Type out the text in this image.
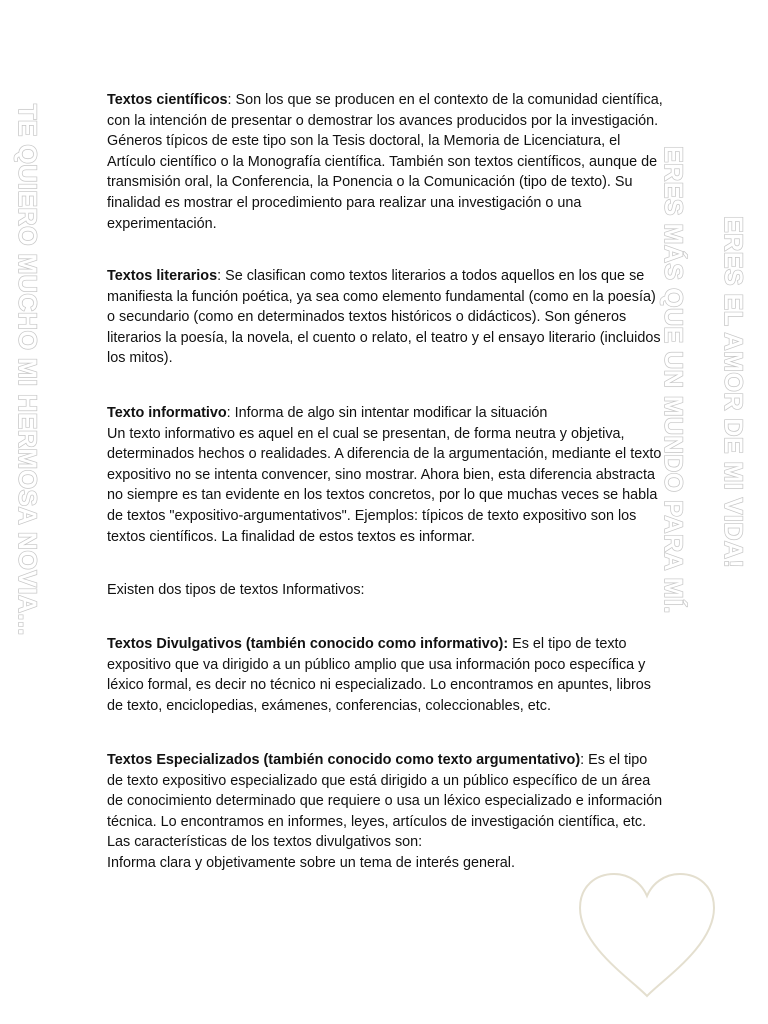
Textos científicos: Son los que se producen en el contexto de la comunidad científica, con la intención de presentar o demostrar los avances producidos por la investigación. Géneros típicos de este tipo son la Tesis doctoral, la Memoria de Licenciatura, el Artículo científico o la Monografía científica. También son textos científicos, aunque de transmisión oral, la Conferencia, la Ponencia o la Comunicación (tipo de texto). Su finalidad es mostrar el procedimiento para realizar una investigación o una experimentación.

Textos literarios: Se clasifican como textos literarios a todos aquellos en los que se manifiesta la función poética, ya sea como elemento fundamental (como en la poesía) o secundario (como en determinados textos históricos o didácticos). Son géneros literarios la poesía, la novela, el cuento o relato, el teatro y el ensayo literario (incluidos los mitos).

Texto informativo: Informa de algo sin intentar modificar la situación

Un texto informativo es aquel en el cual se presentan, de forma neutra y objetiva, determinados hechos o realidades. A diferencia de la argumentación, mediante el texto expositivo no se intenta convencer, sino mostrar. Ahora bien, esta diferencia abstracta no siempre es tan evidente en los textos concretos, por lo que muchas veces se habla de textos "expositivo-argumentativos". Ejemplos: típicos de texto expositivo son los textos científicos. La finalidad de estos textos es informar.

Existen dos tipos de textos Informativos:

Textos Divulgativos (también conocido como informativo): Es el tipo de texto expositivo que va dirigido a un público amplio que usa información poco específica y léxico formal, es decir no técnico ni especializado. Lo encontramos en apuntes, libros de texto, enciclopedias, exámenes, conferencias, coleccionables, etc.

Textos Especializados (también conocido como texto argumentativo): Es el tipo de texto expositivo especializado que está dirigido a un público específico de un área de conocimiento determinado que requiere o usa un léxico especializado e información técnica. Lo encontramos en informes, leyes, artículos de investigación científica, etc.

Las características de los textos divulgativos son:

Informa clara y objetivamente sobre un tema de interés general.

TE QUIERO MUCHO MI HERMOSA NOVIA...	ERES MÁS QUE UN MUNDO PARA MÍ. ERES EL AMOR DE MI VIDA!
